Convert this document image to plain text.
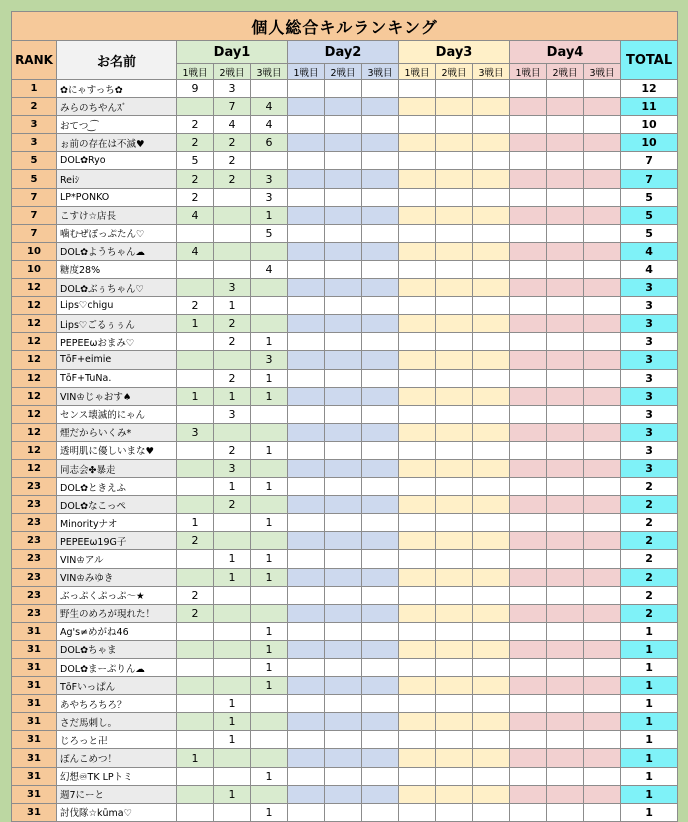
個人総合キルランキング														
RANK	お名前	Day1			Day2			Day3			Day4			TOTAL
		1戦目	2戦目	3戦目	1戦目	2戦目	3戦目	1戦目	2戦目	3戦目	1戦目	2戦目	3戦目	
1	✿にゃすっち✿	9	3											12
2	みらのちやんｽﾞ		7	4										11
3	おてつ ͜ ͡	2	4	4										10
3	ぉ前の存在は不滅♥	2	2	6										10
5	DOL✿Ryo	5	2											7
5	Reiｼ	2	2	3										7
7	LP*PONKO	2		3										5
7	こすけ☆店長	4		1										5
7	噛むぜぽっぷたん♡			5										5
10	DOL✿ようちゃん☁	4												4
10	糖度28%			4										4
12	DOL✿ぶぅちゃん♡		3											3
12	Lips♡chigu	2	1											3
12	Lips♡ごるぅぅん	1	2											3
12	PEPEEωおまみ♡		2	1										3
12	TōF+eimie			3										3
12	TōF+TuNa.		2	1										3
12	VIN♔じゃおす♠	1	1	1										3
12	センス壊滅的にゃん		3											3
12	煙だからいくみ*	3												3
12	透明肌に優しいまな♥		2	1										3
12	同志会✤暴走		3											3
23	DOL✿ときえふ		1	1										2
23	DOL✿なこっぺ		2											2
23	Minorityナオ	1		1										2
23	PEPEEω19G子	2												2
23	VIN♔アル		1	1										2
23	VIN♔みゆき		1	1										2
23	ぶっぷくぷっぷ～★	2												2
23	野生のめろが現れた！	2												2
31	Ag's≠めがね46			1										1
31	DOL✿ちゃま			1										1
31	DOL✿まーぷりん☁			1										1
31	TōFいっぱん			1										1
31	あやちろちろ？		1											1
31	さだ馬刺し。		1											1
31	じろっと卍		1											1
31	ぽんこめつ！	1												1
31	幻想♾TK LPトミ			1										1
31	週7にーと		1											1
31	討伐隊☆kūma♡			1										1
